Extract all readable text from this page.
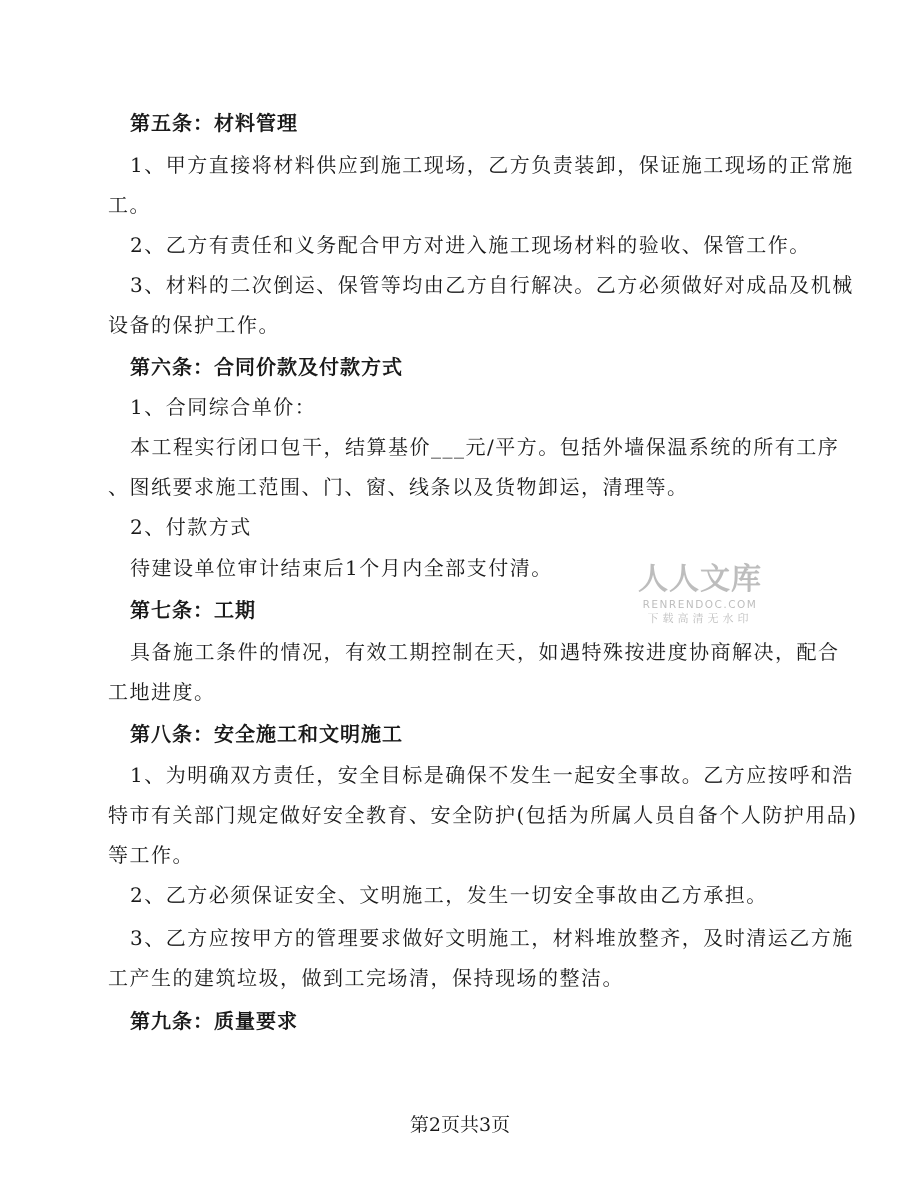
第五条：材料管理
1、甲方直接将材料供应到施工现场，乙方负责装卸，保证施工现场的正常施
工。
2、乙方有责任和义务配合甲方对进入施工现场材料的验收、保管工作。
3、材料的二次倒运、保管等均由乙方自行解决。乙方必须做好对成品及机械
设备的保护工作。
第六条：合同价款及付款方式
1、合同综合单价：
本工程实行闭口包干，结算基价___元/平方。包括外墙保温系统的所有工序
、图纸要求施工范围、门、窗、线条以及货物卸运，清理等。
2、付款方式
待建设单位审计结束后1个月内全部支付清。
第七条：工期
具备施工条件的情况，有效工期控制在天，如遇特殊按进度协商解决，配合
工地进度。
第八条：安全施工和文明施工
1、为明确双方责任，安全目标是确保不发生一起安全事故。乙方应按呼和浩
特市有关部门规定做好安全教育、安全防护(包括为所属人员自备个人防护用品)
等工作。
2、乙方必须保证安全、文明施工，发生一切安全事故由乙方承担。
3、乙方应按甲方的管理要求做好文明施工，材料堆放整齐，及时清运乙方施
工产生的建筑垃圾，做到工完场清，保持现场的整洁。
第九条：质量要求
人人文库
RENRENDOC.COM
下载高清无水印
第2页共3页
